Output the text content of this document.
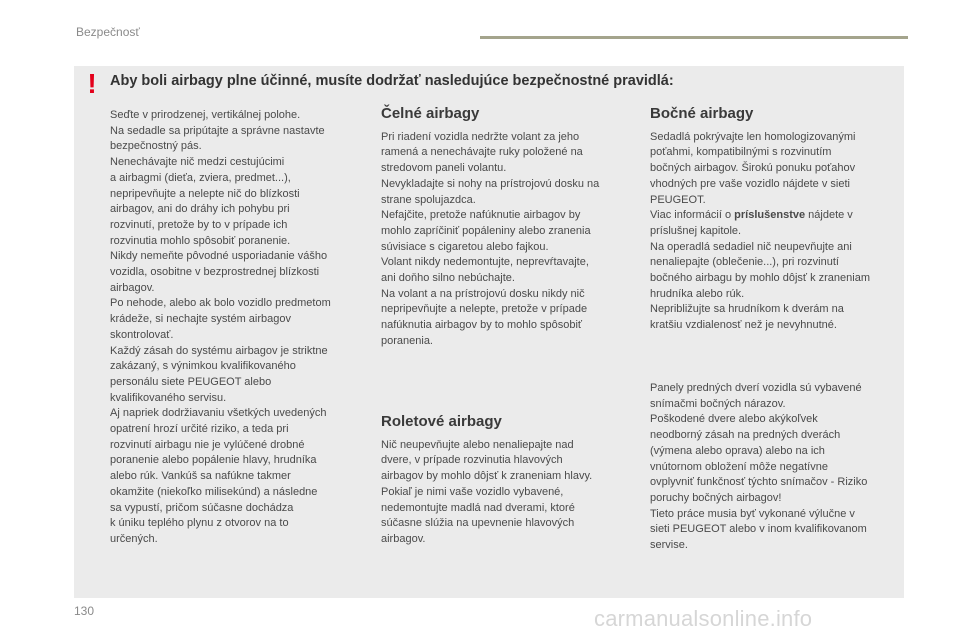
Bezpečnosť
! Aby boli airbagy plne účinné, musíte dodržať nasledujúce bezpečnostné pravidlá:

Seďte v prirodzenej, vertikálnej polohe.

Na sedadle sa pripútajte a správne nastavte

bezpečnostný pás.

Nenechávajte nič medzi cestujúcimi

a airbagmi (dieťa, zviera, predmet...),

nepripevňujte a nelepte nič do blízkosti

airbagov, ani do dráhy ich pohybu pri

rozvinutí, pretože by to v prípade ich

rozvinutia mohlo spôsobiť poranenie.

Nikdy nemeňte pôvodné usporiadanie vášho

vozidla, osobitne v bezprostrednej blízkosti

airbagov.

Po nehode, alebo ak bolo vozidlo predmetom

krádeže, si nechajte systém airbagov

skontrolovať.

Každý zásah do systému airbagov je striktne

zakázaný, s výnimkou kvalifikovaného

personálu siete PEUGEOT alebo

kvalifikovaného servisu.

Aj napriek dodržiavaniu všetkých uvedených

opatrení hrozí určité riziko, a teda pri

rozvinutí airbagu nie je vylúčené drobné

poranenie alebo popálenie hlavy, hrudníka

alebo rúk. Vankúš sa nafúkne takmer

okamžite (niekoľko milisekúnd) a následne

sa vypustí, pričom súčasne dochádza

k úniku teplého plynu z otvorov na to

určených.

Čelné airbagy

Pri riadení vozidla nedržte volant za jeho

ramená a nenechávajte ruky položené na

stredovom paneli volantu.

Nevykladajte si nohy na prístrojovú dosku na

strane spolujazdca.

Nefajčite, pretože nafúknutie airbagov by

mohlo zapríčiniť popáleniny alebo zranenia

súvisiace s cigaretou alebo fajkou.

Volant nikdy nedemontujte, neprevŕtavajte,

ani doňho silno nebúchajte.

Na volant a na prístrojovú dosku nikdy nič

nepripevňujte a nelepte, pretože v prípade

nafúknutia airbagov by to mohlo spôsobiť

poranenia.

Roletové airbagy

Nič neupevňujte alebo nenaliepajte nad

dvere, v prípade rozvinutia hlavových

airbagov by mohlo dôjsť k zraneniam hlavy.

Pokiaľ je nimi vaše vozidlo vybavené,

nedemontujte madlá nad dverami, ktoré

súčasne slúžia na upevnenie hlavových

airbagov.

Bočné airbagy

Sedadlá pokrývajte len homologizovanými

poťahmi, kompatibilnými s rozvinutím

bočných airbagov. Širokú ponuku poťahov

vhodných pre vaše vozidlo nájdete v sieti

PEUGEOT.

Viac informácií o príslušenstve nájdete v

príslušnej kapitole.

Na operadlá sedadiel nič neupevňujte ani

nenaliepajte (oblečenie...), pri rozvinutí

bočného airbagu by mohlo dôjsť k zraneniam

hrudníka alebo rúk.

Nepribližujte sa hrudníkom k dverám na

kratšiu vzdialenosť než je nevyhnutné.

Panely predných dverí vozidla sú vybavené

snímačmi bočných nárazov.

Poškodené dvere alebo akýkoľvek

neodborný zásah na predných dverách

(výmena alebo oprava) alebo na ich

vnútornom obložení môže negatívne

ovplyvniť funkčnosť týchto snímačov - Riziko

poruchy bočných airbagov!

Tieto práce musia byť vykonané výlučne v

sieti PEUGEOT alebo v inom kvalifikovanom

servise.

130	carmanualsonline.info
